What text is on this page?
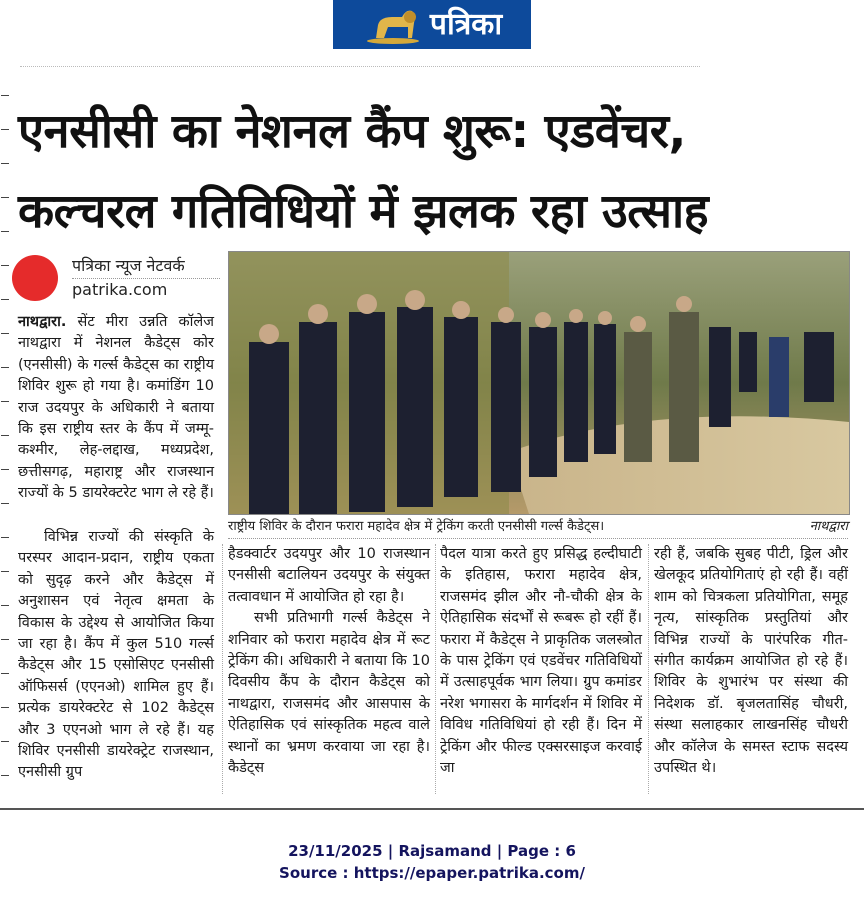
पत्रिका
एनसीसी का नेशनल कैंप शुरू: एडवेंचर,
कल्चरल गतिविधियों में झलक रहा उत्साह
पत्रिका न्यूज नेटवर्क
patrika.com
राष्ट्रीय शिविर के दौरान फरारा महादेव क्षेत्र में ट्रेकिंग करती एनसीसी गर्ल्स कैडेट्स।	नाथद्वारा

नाथद्वारा. सेंट मीरा उन्नति कॉलेज नाथद्वारा में नेशनल कैडेट्स कोर (एनसीसी) के गर्ल्स कैडेट्स का राष्ट्रीय शिविर शुरू हो गया है। कमांडिंग 10 राज उदयपुर के अधिकारी ने बताया कि इस राष्ट्रीय स्तर के कैंप में जम्मू-कश्मीर, लेह-लद्दाख, मध्यप्रदेश, छत्तीसगढ़, महाराष्ट्र और राजस्थान राज्यों के 5 डायरेक्टरेट भाग ले रहे हैं।

विभिन्न राज्यों की संस्कृति के परस्पर आदान-प्रदान, राष्ट्रीय एकता को सुदृढ़ करने और कैडेट्स में अनुशासन एवं नेतृत्व क्षमता के विकास के उद्देश्य से आयोजित किया जा रहा है। कैंप में कुल 510 गर्ल्स कैडेट्स और 15 एसोसिएट एनसीसी ऑफिसर्स (एएनओ) शामिल हुए हैं। प्रत्येक डायरेक्टरेट से 102 कैडेट्स और 3 एएनओ भाग ले रहे हैं। यह शिविर एनसीसी डायरेक्ट्रेट राजस्थान, एनसीसी ग्रुप

हैडक्वार्टर उदयपुर और 10 राजस्थान एनसीसी बटालियन उदयपुर के संयुक्त तत्वावधान में आयोजित हो रहा है।

सभी प्रतिभागी गर्ल्स कैडेट्स ने शनिवार को फरारा महादेव क्षेत्र में रूट ट्रेकिंग की। अधिकारी ने बताया कि 10 दिवसीय कैंप के दौरान कैडेट्स को नाथद्वारा, राजसमंद और आसपास के ऐतिहासिक एवं सांस्कृतिक महत्व वाले स्थानों का भ्रमण करवाया जा रहा है। कैडेट्स

पैदल यात्रा करते हुए प्रसिद्ध हल्दीघाटी के इतिहास, फरारा महादेव क्षेत्र, राजसमंद झील और नौ-चौकी क्षेत्र के ऐतिहासिक संदर्भों से रूबरू हो रहीं हैं। फरारा में कैडेट्स ने प्राकृतिक जलस्त्रोत के पास ट्रेकिंग एवं एडवेंचर गतिविधियों में उत्साहपूर्वक भाग लिया। ग्रुप कमांडर नरेश भगासरा के मार्गदर्शन में शिविर में विविध गतिविधियां हो रही हैं। दिन में ट्रेकिंग और फील्ड एक्सरसाइज करवाई जा

रही हैं, जबकि सुबह पीटी, ड्रिल और खेलकूद प्रतियोगिताएं हो रही हैं। वहीं शाम को चित्रकला प्रतियोगिता, समूह नृत्य, सांस्कृतिक प्रस्तुतियां और विभिन्न राज्यों के पारंपरिक गीत-संगीत कार्यक्रम आयोजित हो रहे हैं। शिविर के शुभारंभ पर संस्था की निदेशक डॉ. बृजलतासिंह चौधरी, संस्था सलाहकार लाखनसिंह चौधरी और कॉलेज के समस्त स्टाफ सदस्य उपस्थित थे।

23/11/2025 | Rajsamand | Page : 6
Source : https://epaper.patrika.com/
